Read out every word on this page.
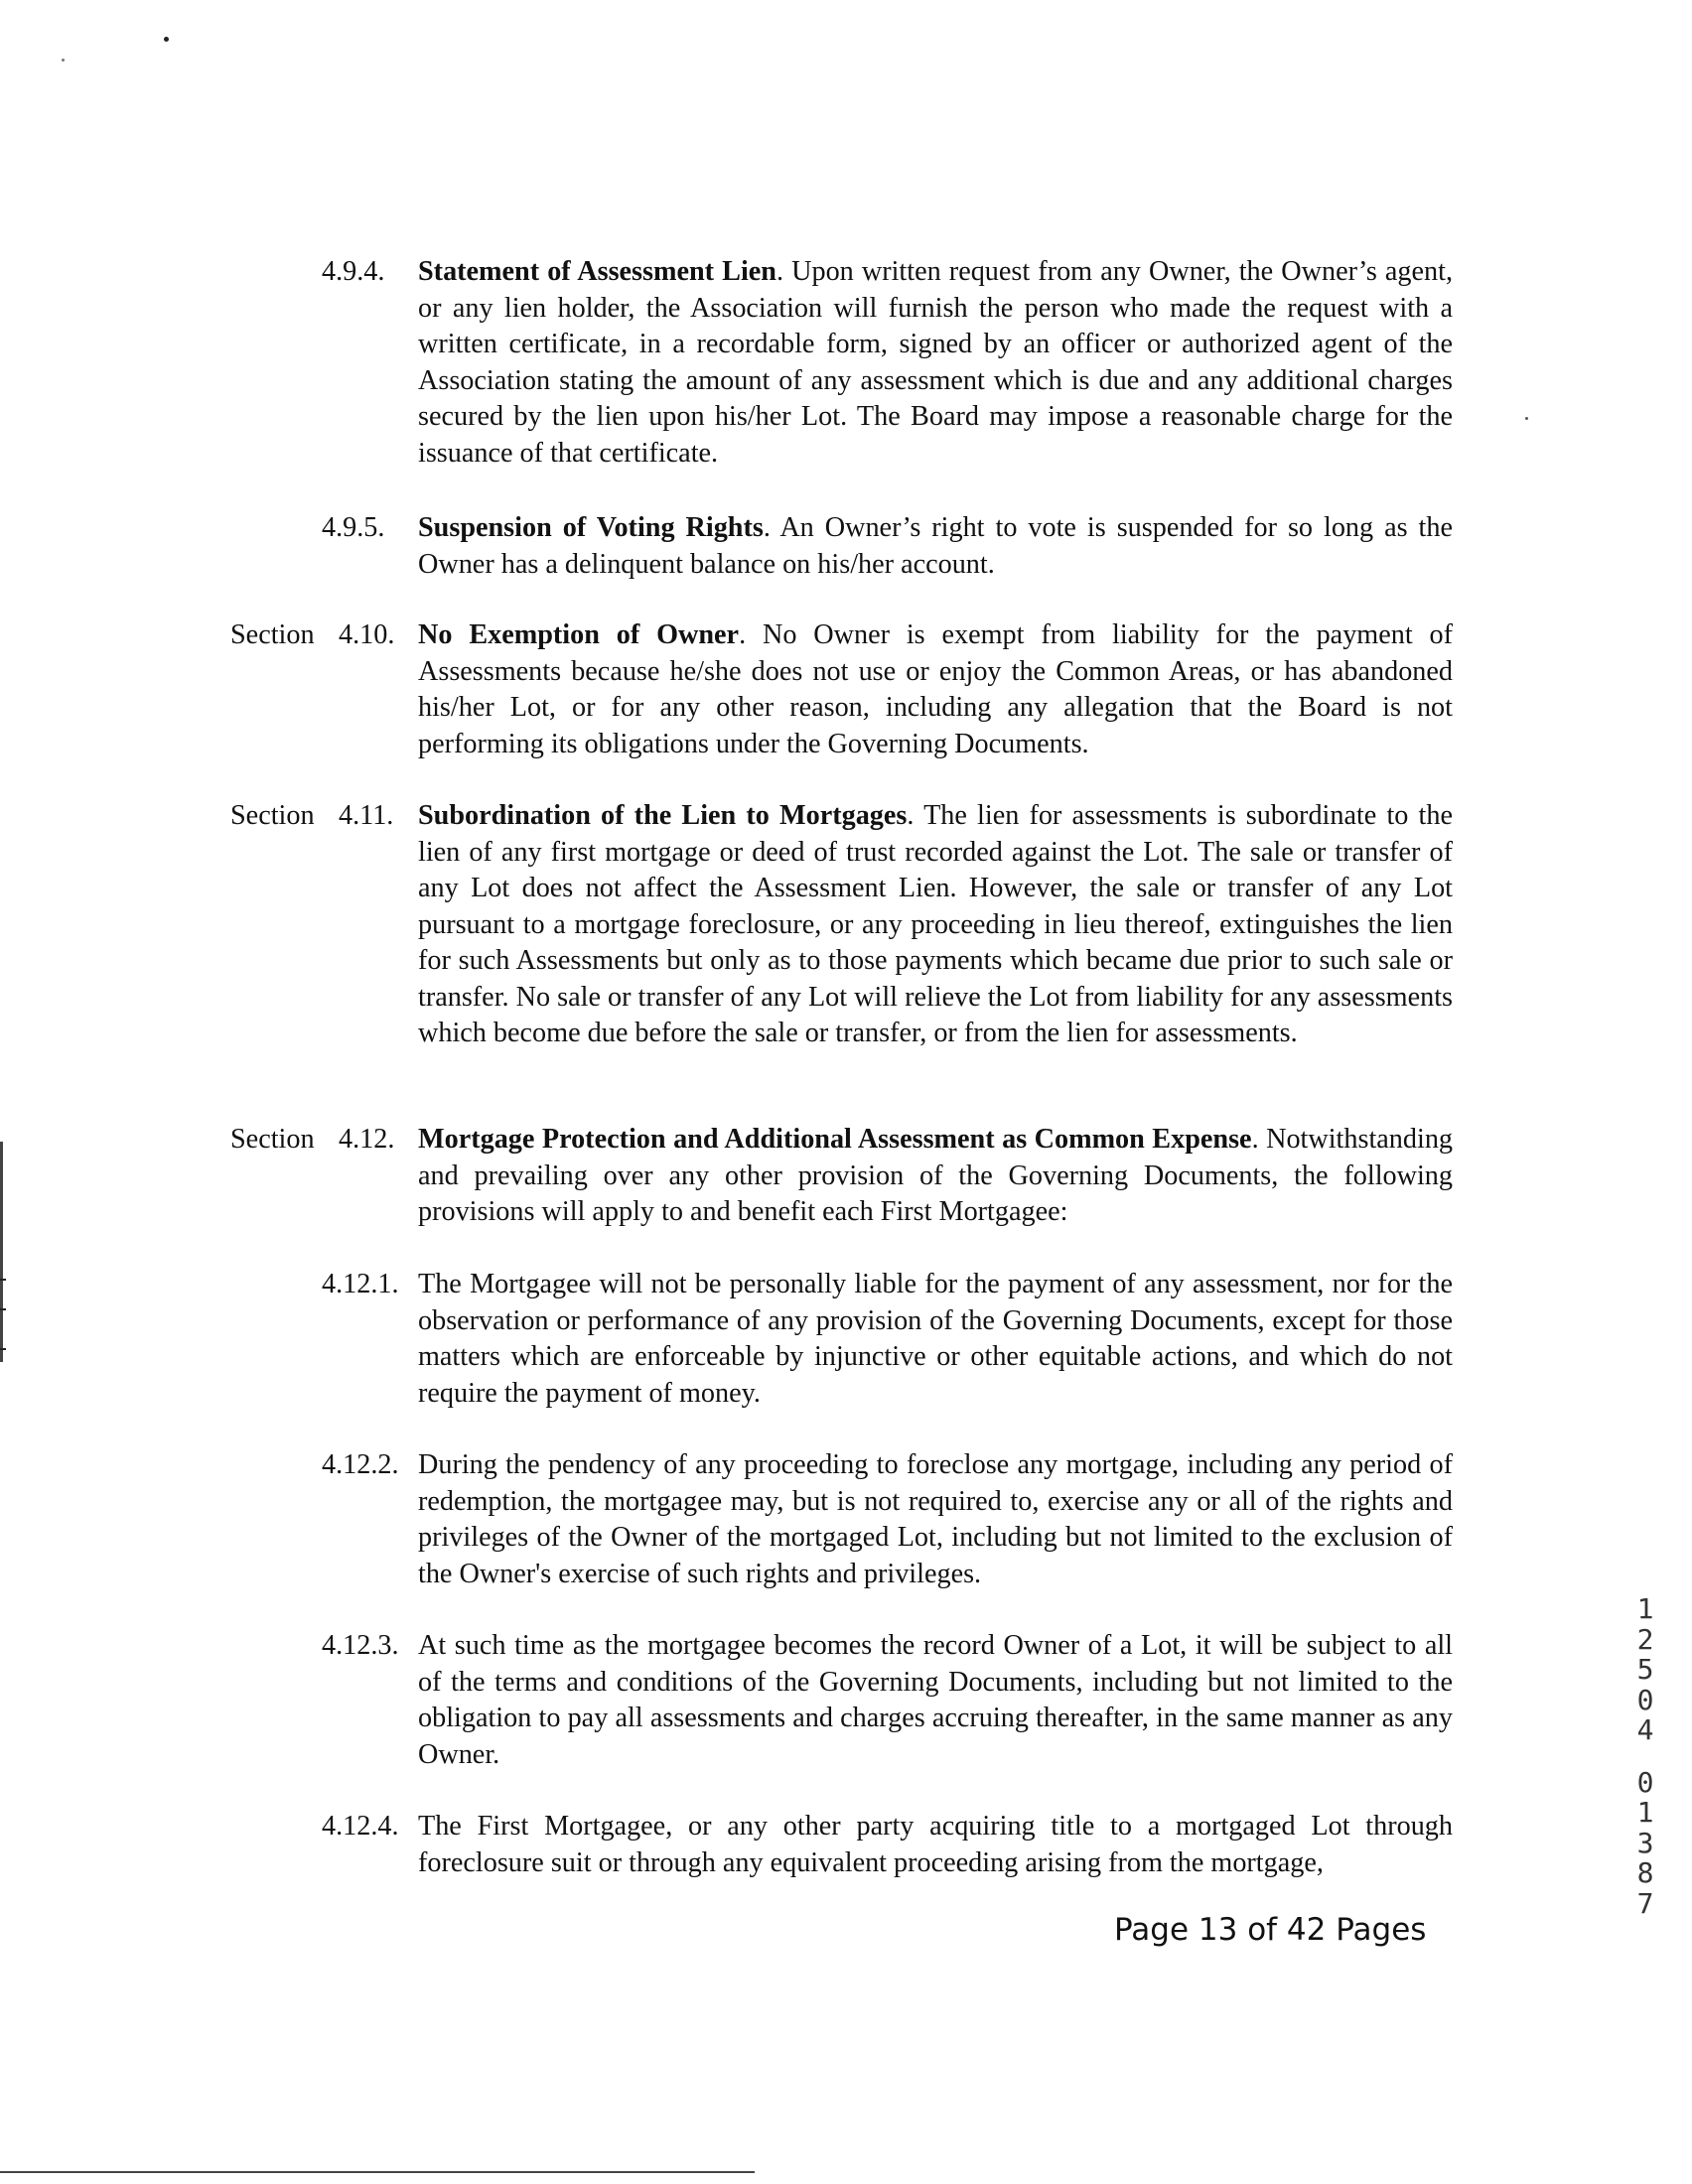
4.9.4. Statement of Assessment Lien. Upon written request from any Owner, the Owner’s agent, or any lien holder, the Association will furnish the person who made the request with a written certificate, in a recordable form, signed by an officer or authorized agent of the Association stating the amount of any assessment which is due and any additional charges secured by the lien upon his/her Lot. The Board may impose a reasonable charge for the issuance of that certificate.
4.9.5. Suspension of Voting Rights. An Owner’s right to vote is suspended for so long as the Owner has a delinquent balance on his/her account.
Section 4.10. No Exemption of Owner. No Owner is exempt from liability for the payment of Assessments because he/she does not use or enjoy the Common Areas, or has abandoned his/her Lot, or for any other reason, including any allegation that the Board is not performing its obligations under the Governing Documents.
Section 4.11. Subordination of the Lien to Mortgages. The lien for assessments is subordinate to the lien of any first mortgage or deed of trust recorded against the Lot. The sale or transfer of any Lot does not affect the Assessment Lien. However, the sale or transfer of any Lot pursuant to a mortgage foreclosure, or any proceeding in lieu thereof, extinguishes the lien for such Assessments but only as to those payments which became due prior to such sale or transfer. No sale or transfer of any Lot will relieve the Lot from liability for any assessments which become due before the sale or transfer, or from the lien for assessments.
Section 4.12. Mortgage Protection and Additional Assessment as Common Expense. Notwithstanding and prevailing over any other provision of the Governing Documents, the following provisions will apply to and benefit each First Mortgagee:
4.12.1. The Mortgagee will not be personally liable for the payment of any assessment, nor for the observation or performance of any provision of the Governing Documents, except for those matters which are enforceable by injunctive or other equitable actions, and which do not require the payment of money.
4.12.2. During the pendency of any proceeding to foreclose any mortgage, including any period of redemption, the mortgagee may, but is not required to, exercise any or all of the rights and privileges of the Owner of the mortgaged Lot, including but not limited to the exclusion of the Owner's exercise of such rights and privileges.
4.12.3. At such time as the mortgagee becomes the record Owner of a Lot, it will be subject to all of the terms and conditions of the Governing Documents, including but not limited to the obligation to pay all assessments and charges accruing thereafter, in the same manner as any Owner.
4.12.4. The First Mortgagee, or any other party acquiring title to a mortgaged Lot through foreclosure suit or through any equivalent proceeding arising from the mortgage,
Page 13 of 42 Pages
1
2
5
0
4
0
1
3
8
7
